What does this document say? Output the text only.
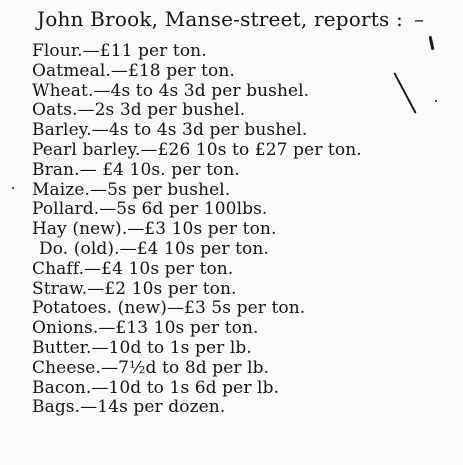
John Brook, Manse-street, reports : –
Flour.—£11 per ton.
Oatmeal.—£18 per ton.
Wheat.—4s to 4s 3d per bushel.
Oats.—2s 3d per bushel.
Barley.—4s to 4s 3d per bushel.
Pearl barley.—£26 10s to £27 per ton.
Bran.— £4 10s. per ton.
Maize.—5s per bushel.
Pollard.—5s 6d per 100lbs.
Hay (new).—£3 10s per ton.
Do. (old).—£4 10s per ton.
Chaff.—£4 10s per ton.
Straw.—£2 10s per ton.
Potatoes. (new)—£3 5s per ton.
Onions.—£13 10s per ton.
Butter.—10d to 1s per lb.
Cheese.—7½d to 8d per lb.
Bacon.—10d to 1s 6d per lb.
Bags.—14s per dozen.
